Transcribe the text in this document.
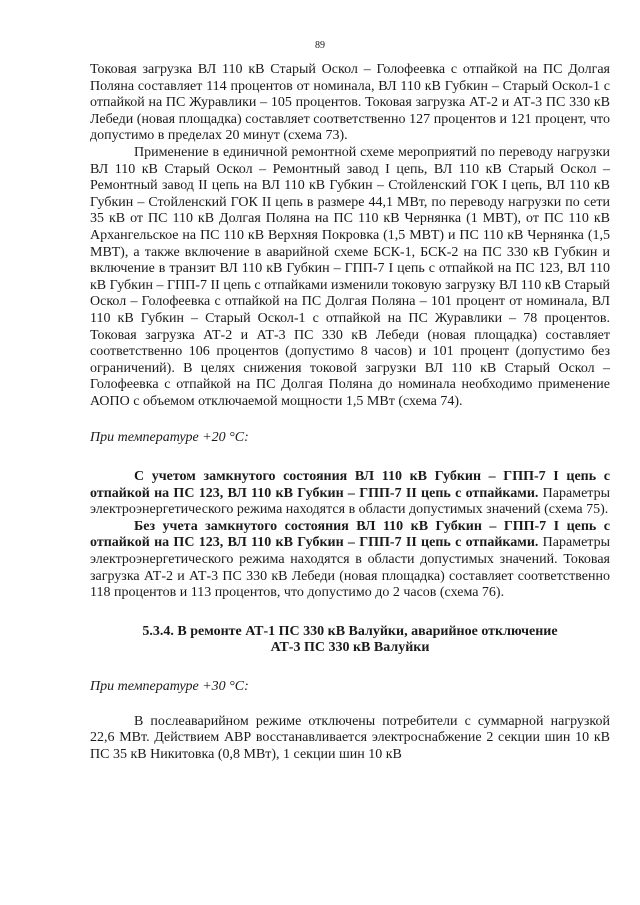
89

Токовая загрузка ВЛ 110 кВ Старый Оскол – Голофеевка с отпайкой на ПС Долгая Поляна составляет 114 процентов от номинала, ВЛ 110 кВ Губкин – Старый Оскол-1 с отпайкой на ПС Журавлики – 105 процентов. Токовая загрузка АТ-2 и АТ-3 ПС 330 кВ Лебеди (новая площадка) составляет соответственно 127 процентов и 121 процент, что допустимо в пределах 20 минут (схема 73).

Применение в единичной ремонтной схеме мероприятий по переводу нагрузки ВЛ 110 кВ Старый Оскол – Ремонтный завод I цепь, ВЛ 110 кВ Старый Оскол – Ремонтный завод II цепь на ВЛ 110 кВ Губкин – Стойленский ГОК I цепь, ВЛ 110 кВ Губкин – Стойленский ГОК II цепь в размере 44,1 МВт, по переводу нагрузки по сети 35 кВ от ПС 110 кВ Долгая Поляна на ПС 110 кВ Чернянка (1 МВТ), от ПС 110 кВ Архангельское на ПС 110 кВ Верхняя Покровка (1,5 МВТ) и ПС 110 кВ Чернянка (1,5 МВТ), а также включение в аварийной схеме БСК-1, БСК-2 на ПС 330 кВ Губкин и включение в транзит ВЛ 110 кВ Губкин – ГПП-7 I цепь с отпайкой на ПС 123, ВЛ 110 кВ Губкин – ГПП-7 II цепь с отпайками изменили токовую загрузку ВЛ 110 кВ Старый Оскол – Голофеевка с отпайкой на ПС Долгая Поляна – 101 процент от номинала, ВЛ 110 кВ Губкин – Старый Оскол-1 с отпайкой на ПС Журавлики – 78 процентов. Токовая загрузка АТ-2 и АТ-3 ПС 330 кВ Лебеди (новая площадка) составляет соответственно 106 процентов (допустимо 8 часов) и 101 процент (допустимо без ограничений). В целях снижения токовой загрузки ВЛ 110 кВ Старый Оскол – Голофеевка с отпайкой на ПС Долгая Поляна до номинала необходимо применение АОПО с объемом отключаемой мощности 1,5 МВт (схема 74).

При температуре +20 °С:

С учетом замкнутого состояния ВЛ 110 кВ Губкин – ГПП-7 I цепь с отпайкой на ПС 123, ВЛ 110 кВ Губкин – ГПП-7 II цепь с отпайками. Параметры электроэнергетического режима находятся в области допустимых значений (схема 75).

Без учета замкнутого состояния ВЛ 110 кВ Губкин – ГПП-7 I цепь с отпайкой на ПС 123, ВЛ 110 кВ Губкин – ГПП-7 II цепь с отпайками. Параметры электроэнергетического режима находятся в области допустимых значений. Токовая загрузка АТ-2 и АТ-3 ПС 330 кВ Лебеди (новая площадка) составляет соответственно 118 процентов и 113 процентов, что допустимо до 2 часов (схема 76).

5.3.4. В ремонте АТ-1 ПС 330 кВ Валуйки, аварийное отключение
АТ-3 ПС 330 кВ Валуйки

При температуре +30 °С:

В послеаварийном режиме отключены потребители с суммарной нагрузкой 22,6 МВт. Действием АВР восстанавливается электроснабжение 2 секции шин 10 кВ ПС 35 кВ Никитовка (0,8 МВт), 1 секции шин 10 кВ
